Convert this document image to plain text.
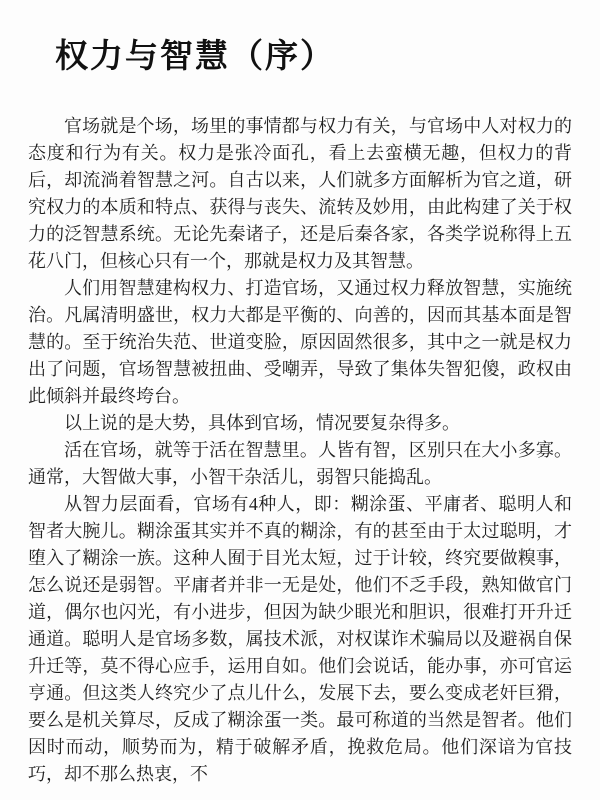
权力与智慧（序）

官场就是个场，场里的事情都与权力有关，与官场中人对权力的态度和行为有关。权力是张冷面孔，看上去蛮横无趣，但权力的背后，却流淌着智慧之河。自古以来，人们就多方面解析为官之道，研究权力的本质和特点、获得与丧失、流转及妙用，由此构建了关于权力的泛智慧系统。无论先秦诸子，还是后秦各家，各类学说称得上五花八门，但核心只有一个，那就是权力及其智慧。

人们用智慧建构权力、打造官场，又通过权力释放智慧，实施统治。凡属清明盛世，权力大都是平衡的、向善的，因而其基本面是智慧的。至于统治失范、世道变脸，原因固然很多，其中之一就是权力出了问题，官场智慧被扭曲、受嘲弄，导致了集体失智犯傻，政权由此倾斜并最终垮台。

以上说的是大势，具体到官场，情况要复杂得多。

活在官场，就等于活在智慧里。人皆有智，区别只在大小多寡。通常，大智做大事，小智干杂活儿，弱智只能捣乱。

从智力层面看，官场有4种人，即：糊涂蛋、平庸者、聪明人和智者大腕儿。糊涂蛋其实并不真的糊涂，有的甚至由于太过聪明，才堕入了糊涂一族。这种人囿于目光太短，过于计较，终究要做糗事，怎么说还是弱智。平庸者并非一无是处，他们不乏手段，熟知做官门道，偶尔也闪光，有小进步，但因为缺少眼光和胆识，很难打开升迁通道。聪明人是官场多数，属技术派，对权谋诈术骗局以及避祸自保升迁等，莫不得心应手，运用自如。他们会说话，能办事，亦可官运亨通。但这类人终究少了点儿什么，发展下去，要么变成老奸巨猾，要么是机关算尽，反成了糊涂蛋一类。最可称道的当然是智者。他们因时而动，顺势而为，精于破解矛盾，挽救危局。他们深谙为官技巧，却不那么热衷，不
